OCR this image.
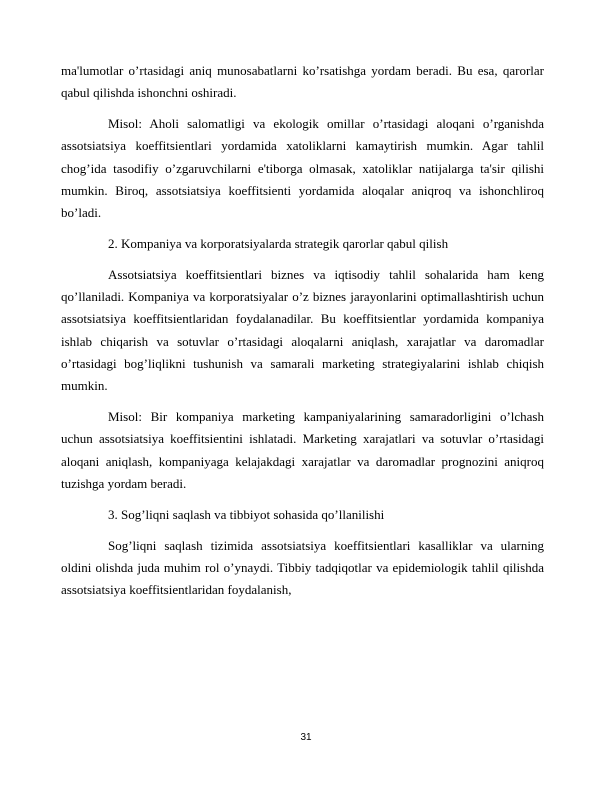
ma'lumotlar o’rtasidagi aniq munosabatlarni ko’rsatishga yordam beradi. Bu esa, qarorlar qabul qilishda ishonchni oshiradi.

Misol: Aholi salomatligi va ekologik omillar o’rtasidagi aloqani o’rganishda assotsiatsiya koeffitsientlari yordamida xatoliklarni kamaytirish mumkin. Agar tahlil chog’ida tasodifiy o’zgaruvchilarni e'tiborga olmasak, xatoliklar natijalarga ta'sir qilishi mumkin. Biroq, assotsiatsiya koeffitsienti yordamida aloqalar aniqroq va ishonchliroq bo’ladi.

2. Kompaniya va korporatsiyalarda strategik qarorlar qabul qilish

Assotsiatsiya koeffitsientlari biznes va iqtisodiy tahlil sohalarida ham keng qo’llaniladi. Kompaniya va korporatsiyalar o’z biznes jarayonlarini optimallashtirish uchun assotsiatsiya koeffitsientlaridan foydalanadilar. Bu koeffitsientlar yordamida kompaniya ishlab chiqarish va sotuvlar o’rtasidagi aloqalarni aniqlash, xarajatlar va daromadlar o’rtasidagi bog’liqlikni tushunish va samarali marketing strategiyalarini ishlab chiqish mumkin.

Misol: Bir kompaniya marketing kampaniyalarining samaradorligini o’lchash uchun assotsiatsiya koeffitsientini ishlatadi. Marketing xarajatlari va sotuvlar o’rtasidagi aloqani aniqlash, kompaniyaga kelajakdagi xarajatlar va daromadlar prognozini aniqroq tuzishga yordam beradi.

3. Sog’liqni saqlash va tibbiyot sohasida qo’llanilishi

Sog’liqni saqlash tizimida assotsiatsiya koeffitsientlari kasalliklar va ularning oldini olishda juda muhim rol o’ynaydi. Tibbiy tadqiqotlar va epidemiologik tahlil qilishda assotsiatsiya koeffitsientlaridan foydalanish,

31
